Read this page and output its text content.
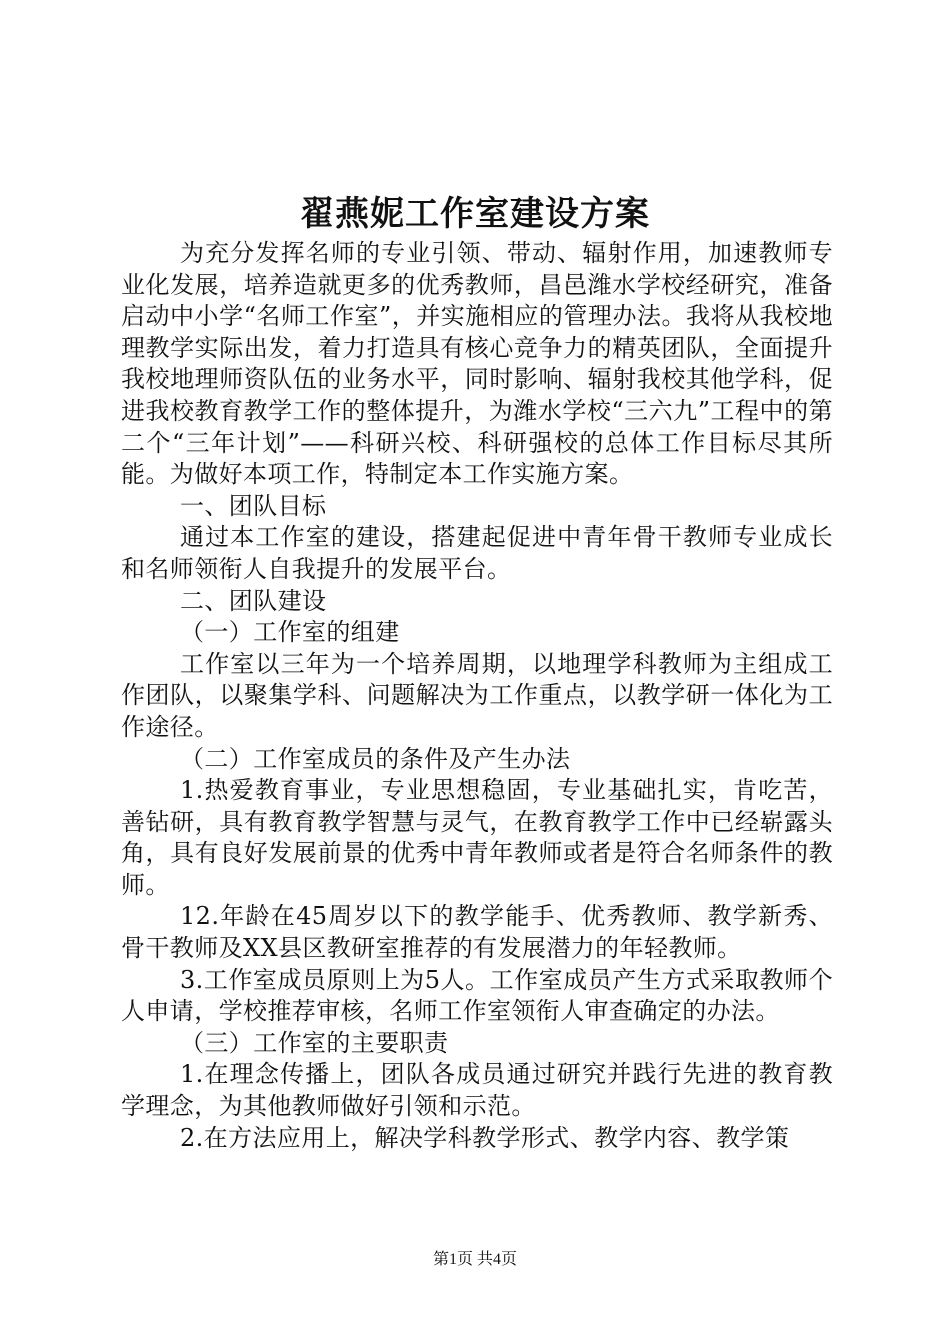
翟燕妮工作室建设方案

为充分发挥名师的专业引领、带动、辐射作用，加速教师专业化发展，培养造就更多的优秀教师，昌邑潍水学校经研究，准备启动中小学“名师工作室”，并实施相应的管理办法。我将从我校地理教学实际出发，着力打造具有核心竞争力的精英团队，全面提升我校地理师资队伍的业务水平，同时影响、辐射我校其他学科，促进我校教育教学工作的整体提升，为潍水学校“三六九”工程中的第二个“三年计划”——科研兴校、科研强校的总体工作目标尽其所能。为做好本项工作，特制定本工作实施方案。

一、团队目标

通过本工作室的建设，搭建起促进中青年骨干教师专业成长和名师领衔人自我提升的发展平台。

二、团队建设

（一）工作室的组建

工作室以三年为一个培养周期，以地理学科教师为主组成工作团队，以聚集学科、问题解决为工作重点，以教学研一体化为工作途径。

（二）工作室成员的条件及产生办法

1.热爱教育事业，专业思想稳固，专业基础扎实，肯吃苦，善钻研，具有教育教学智慧与灵气，在教育教学工作中已经崭露头角，具有良好发展前景的优秀中青年教师或者是符合名师条件的教师。

12.年龄在45周岁以下的教学能手、优秀教师、教学新秀、骨干教师及XX县区教研室推荐的有发展潜力的年轻教师。

3.工作室成员原则上为5人。工作室成员产生方式采取教师个人申请，学校推荐审核，名师工作室领衔人审查确定的办法。

（三）工作室的主要职责

1.在理念传播上，团队各成员通过研究并践行先进的教育教学理念，为其他教师做好引领和示范。

2.在方法应用上，解决学科教学形式、教学内容、教学策

第1页 共4页
